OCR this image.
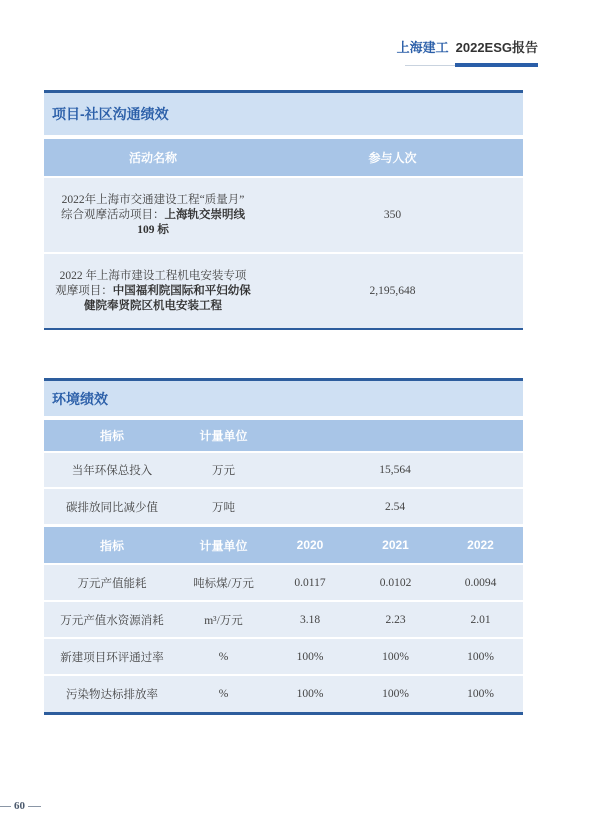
上海建工 2022ESG报告
项目-社区沟通绩效
活动名称	参与人次
2022年上海市交通建设工程“质量月”
综合观摩活动项目：上海轨交崇明线
109 标
350
2022 年上海市建设工程机电安装专项
观摩项目：中国福利院国际和平妇幼保
健院奉贤院区机电安装工程
2,195,648
环境绩效
指标	计量单位
当年环保总投入	万元	15,564
碳排放同比减少值	万吨	2.54
指标	计量单位	2020	2021	2022
万元产值能耗	吨标煤/万元	0.0117	0.0102	0.0094
万元产值水资源消耗	m³/万元	3.18	2.23	2.01
新建项目环评通过率	%	100%	100%	100%
污染物达标排放率	%	100%	100%	100%
60
